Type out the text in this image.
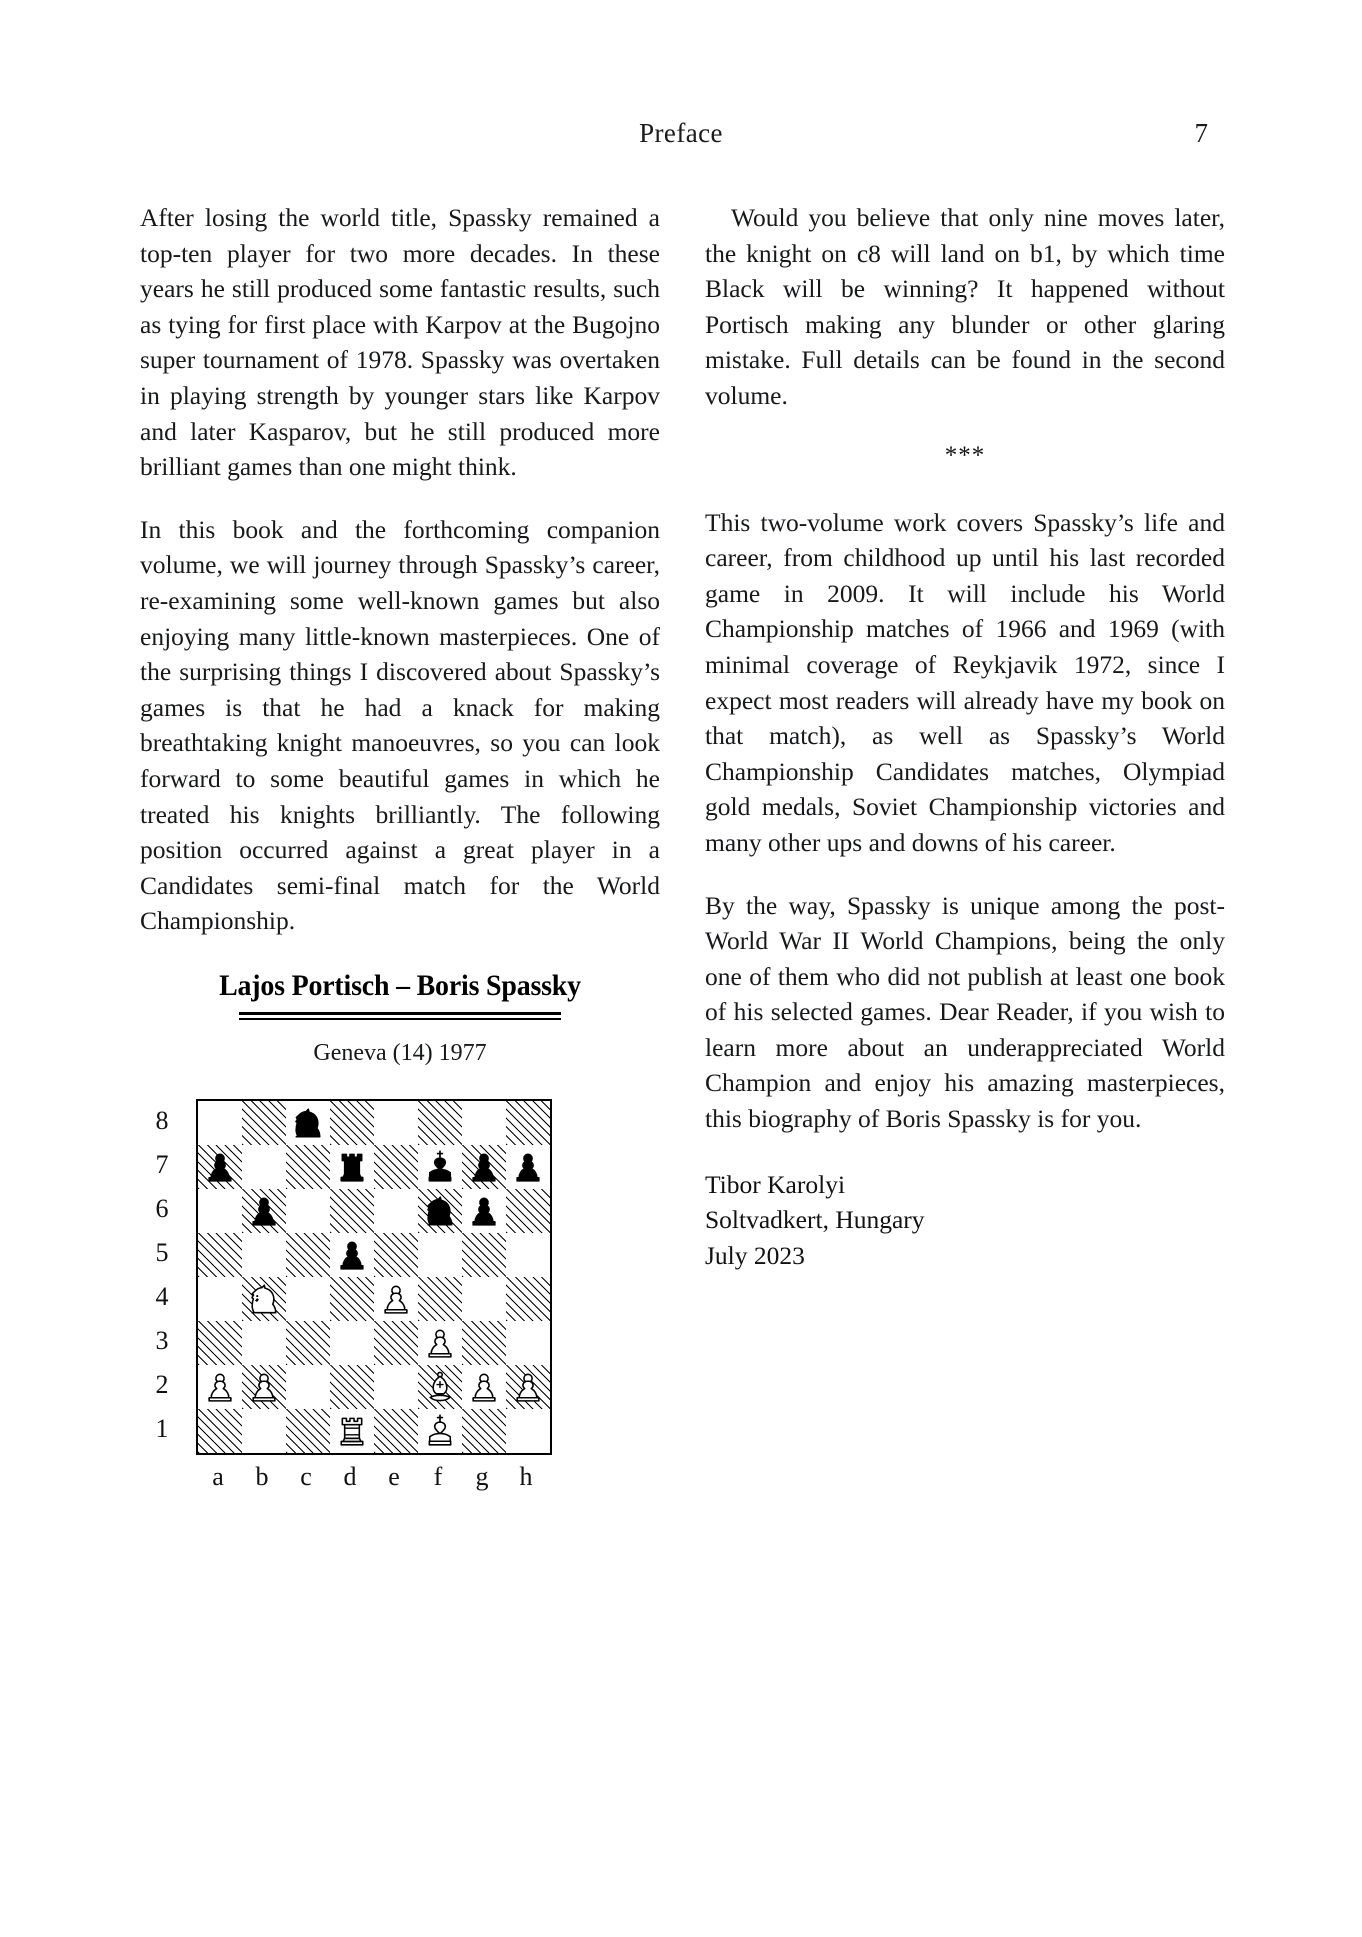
Preface	7

After losing the world title, Spassky remained a top-ten player for two more decades. In these years he still produced some fantastic results, such as tying for first place with Karpov at the Bugojno super tournament of 1978. Spassky was overtaken in playing strength by younger stars like Karpov and later Kasparov, but he still produced more brilliant games than one might think.

In this book and the forthcoming companion volume, we will journey through Spassky’s career, re-examining some well-known games but also enjoying many little-known masterpieces. One of the surprising things I discovered about Spassky’s games is that he had a knack for making breathtaking knight manoeuvres, so you can look forward to some beautiful games in which he treated his knights brilliantly. The following position occurred against a great player in a Candidates semi-final match for the World Championship.

Lajos Portisch – Boris Spassky
Geneva (14) 1977
8
7
6
5
4
3
2
1
a	b	c	d	e	f	g	h

Would you believe that only nine moves later, the knight on c8 will land on b1, by which time Black will be winning? It happened without Portisch making any blunder or other glaring mistake. Full details can be found in the second volume.

***

This two-volume work covers Spassky’s life and career, from childhood up until his last recorded game in 2009. It will include his World Championship matches of 1966 and 1969 (with minimal coverage of Reykjavik 1972, since I expect most readers will already have my book on that match), as well as Spassky’s World Championship Candidates matches, Olympiad gold medals, Soviet Championship victories and many other ups and downs of his career.

By the way, Spassky is unique among the post-World War II World Champions, being the only one of them who did not publish at least one book of his selected games. Dear Reader, if you wish to learn more about an underappreciated World Champion and enjoy his amazing masterpieces, this biography of Boris Spassky is for you.

Tibor Karolyi
Soltvadkert, Hungary
July 2023
